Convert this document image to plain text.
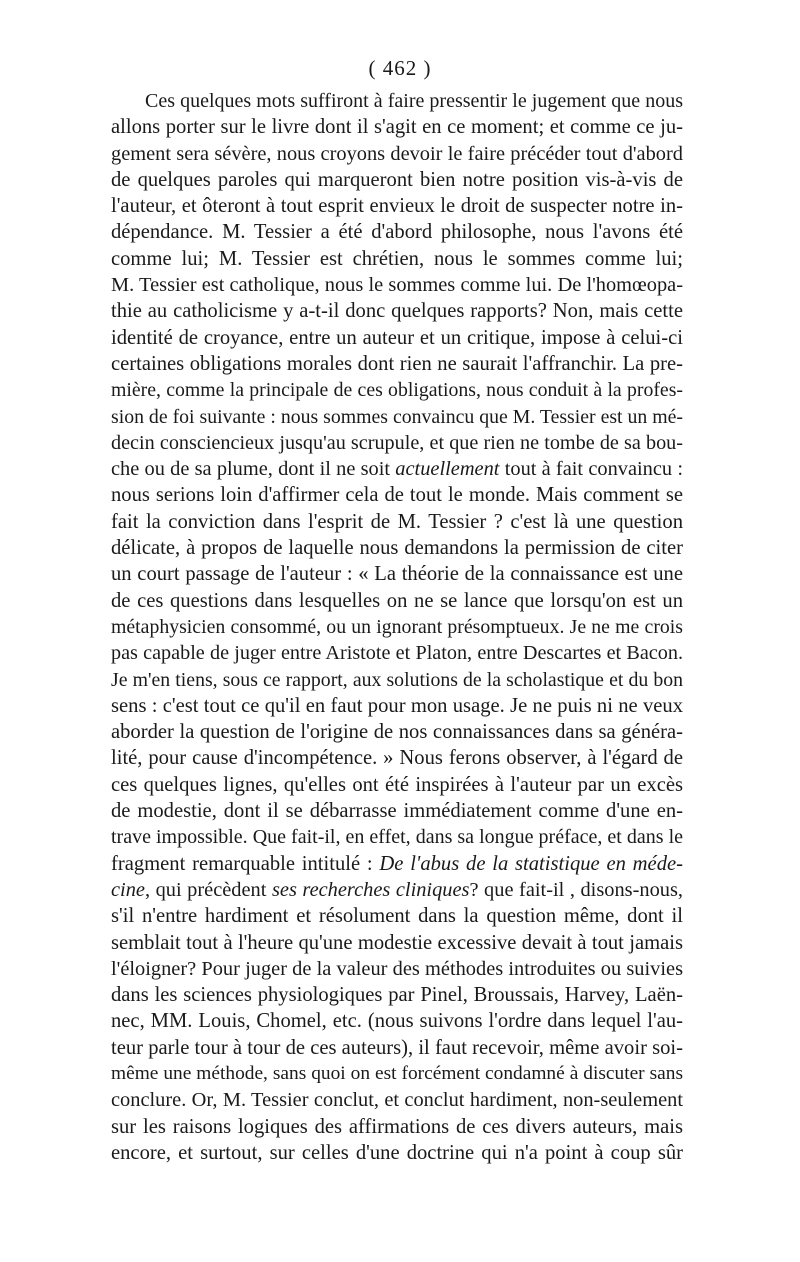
( 462 )
Ces quelques mots suffiront à faire pressentir le jugement que nous
allons porter sur le livre dont il s'agit en ce moment; et comme ce ju-
gement sera sévère, nous croyons devoir le faire précéder tout d'abord
de quelques paroles qui marqueront bien notre position vis-à-vis de
l'auteur, et ôteront à tout esprit envieux le droit de suspecter notre in-
dépendance. M. Tessier a été d'abord philosophe, nous l'avons été
comme lui; M. Tessier est chrétien, nous le sommes comme lui;
M. Tessier est catholique, nous le sommes comme lui. De l'homœopa-
thie au catholicisme y a-t-il donc quelques rapports? Non, mais cette
identité de croyance, entre un auteur et un critique, impose à celui-ci
certaines obligations morales dont rien ne saurait l'affranchir. La pre-
mière, comme la principale de ces obligations, nous conduit à la profes-
sion de foi suivante : nous sommes convaincu que M. Tessier est un mé-
decin consciencieux jusqu'au scrupule, et que rien ne tombe de sa bou-
che ou de sa plume, dont il ne soit actuellement tout à fait convaincu :
nous serions loin d'affirmer cela de tout le monde. Mais comment se
fait la conviction dans l'esprit de M. Tessier ? c'est là une question
délicate, à propos de laquelle nous demandons la permission de citer
un court passage de l'auteur : « La théorie de la connaissance est une
de ces questions dans lesquelles on ne se lance que lorsqu'on est un
métaphysicien consommé, ou un ignorant présomptueux. Je ne me crois
pas capable de juger entre Aristote et Platon, entre Descartes et Bacon.
Je m'en tiens, sous ce rapport, aux solutions de la scholastique et du bon
sens : c'est tout ce qu'il en faut pour mon usage. Je ne puis ni ne veux
aborder la question de l'origine de nos connaissances dans sa généra-
lité, pour cause d'incompétence. » Nous ferons observer, à l'égard de
ces quelques lignes, qu'elles ont été inspirées à l'auteur par un excès
de modestie, dont il se débarrasse immédiatement comme d'une en-
trave impossible. Que fait-il, en effet, dans sa longue préface, et dans le
fragment remarquable intitulé : De l'abus de la statistique en méde-
cine, qui précèdent ses recherches cliniques? que fait-il , disons-nous,
s'il n'entre hardiment et résolument dans la question même, dont il
semblait tout à l'heure qu'une modestie excessive devait à tout jamais
l'éloigner? Pour juger de la valeur des méthodes introduites ou suivies
dans les sciences physiologiques par Pinel, Broussais, Harvey, Laën-
nec, MM. Louis, Chomel, etc. (nous suivons l'ordre dans lequel l'au-
teur parle tour à tour de ces auteurs), il faut recevoir, même avoir soi-
même une méthode, sans quoi on est forcément condamné à discuter sans
conclure. Or, M. Tessier conclut, et conclut hardiment, non-seulement
sur les raisons logiques des affirmations de ces divers auteurs, mais
encore, et surtout, sur celles d'une doctrine qui n'a point à coup sûr
